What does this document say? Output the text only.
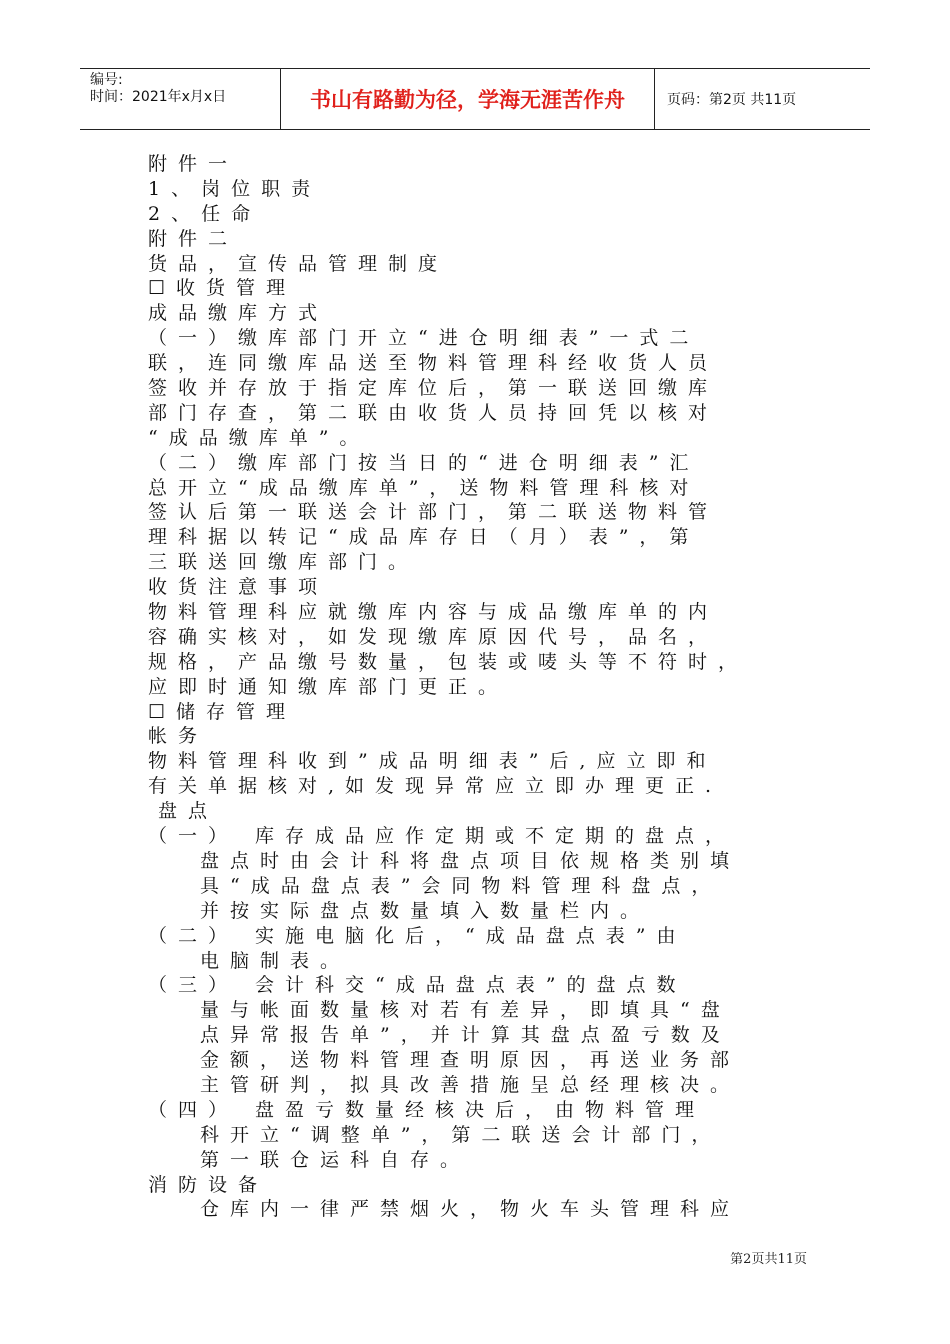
编号:
时间：2021年x月x日	书山有路勤为径，学海无涯苦作舟	页码：第2页 共11页
附件一
1、岗位职责
2、任命
附件二
货品，宣传品管理制度
☐收货管理
成品缴库方式
（一）缴库部门开立“进仓明细表”一式二
联，连同缴库品送至物料管理科经收货人员
签收并存放于指定库位后，第一联送回缴库
部门存查，第二联由收货人员持回凭以核对
“成品缴库单”。
（二）缴库部门按当日的“进仓明细表”汇
总开立“成品缴库单”，送物料管理科核对
签认后第一联送会计部门，第二联送物料管
理科据以转记“成品库存日（月）表”，第
三联送回缴库部门。
收货注意事项
物料管理科应就缴库内容与成品缴库单的内
容确实核对，如发现缴库原因代号，品名，
规格，产品缴号数量，包装或唛头等不符时，
应即时通知缴库部门更正。
☐储存管理
帐务
物料管理科收到”成品明细表”后,应立即和
有关单据核对,如发现异常应立即办理更正.
盘点
（一） 库存成品应作定期或不定期的盘点，
盘点时由会计科将盘点项目依规格类别填
具“成品盘点表”会同物料管理科盘点，
并按实际盘点数量填入数量栏内。
（二） 实施电脑化后，“成品盘点表”由
电脑制表。
（三） 会计科交“成品盘点表”的盘点数
量与帐面数量核对若有差异，即填具“盘
点异常报告单”，并计算其盘点盈亏数及
金额，送物料管理查明原因，再送业务部
主管研判，拟具改善措施呈总经理核决。
（四） 盘盈亏数量经核决后，由物料管理
科开立“调整单”，第二联送会计部门，
第一联仓运科自存。
消防设备
仓库内一律严禁烟火，物火车头管理科应
第2页共11页
